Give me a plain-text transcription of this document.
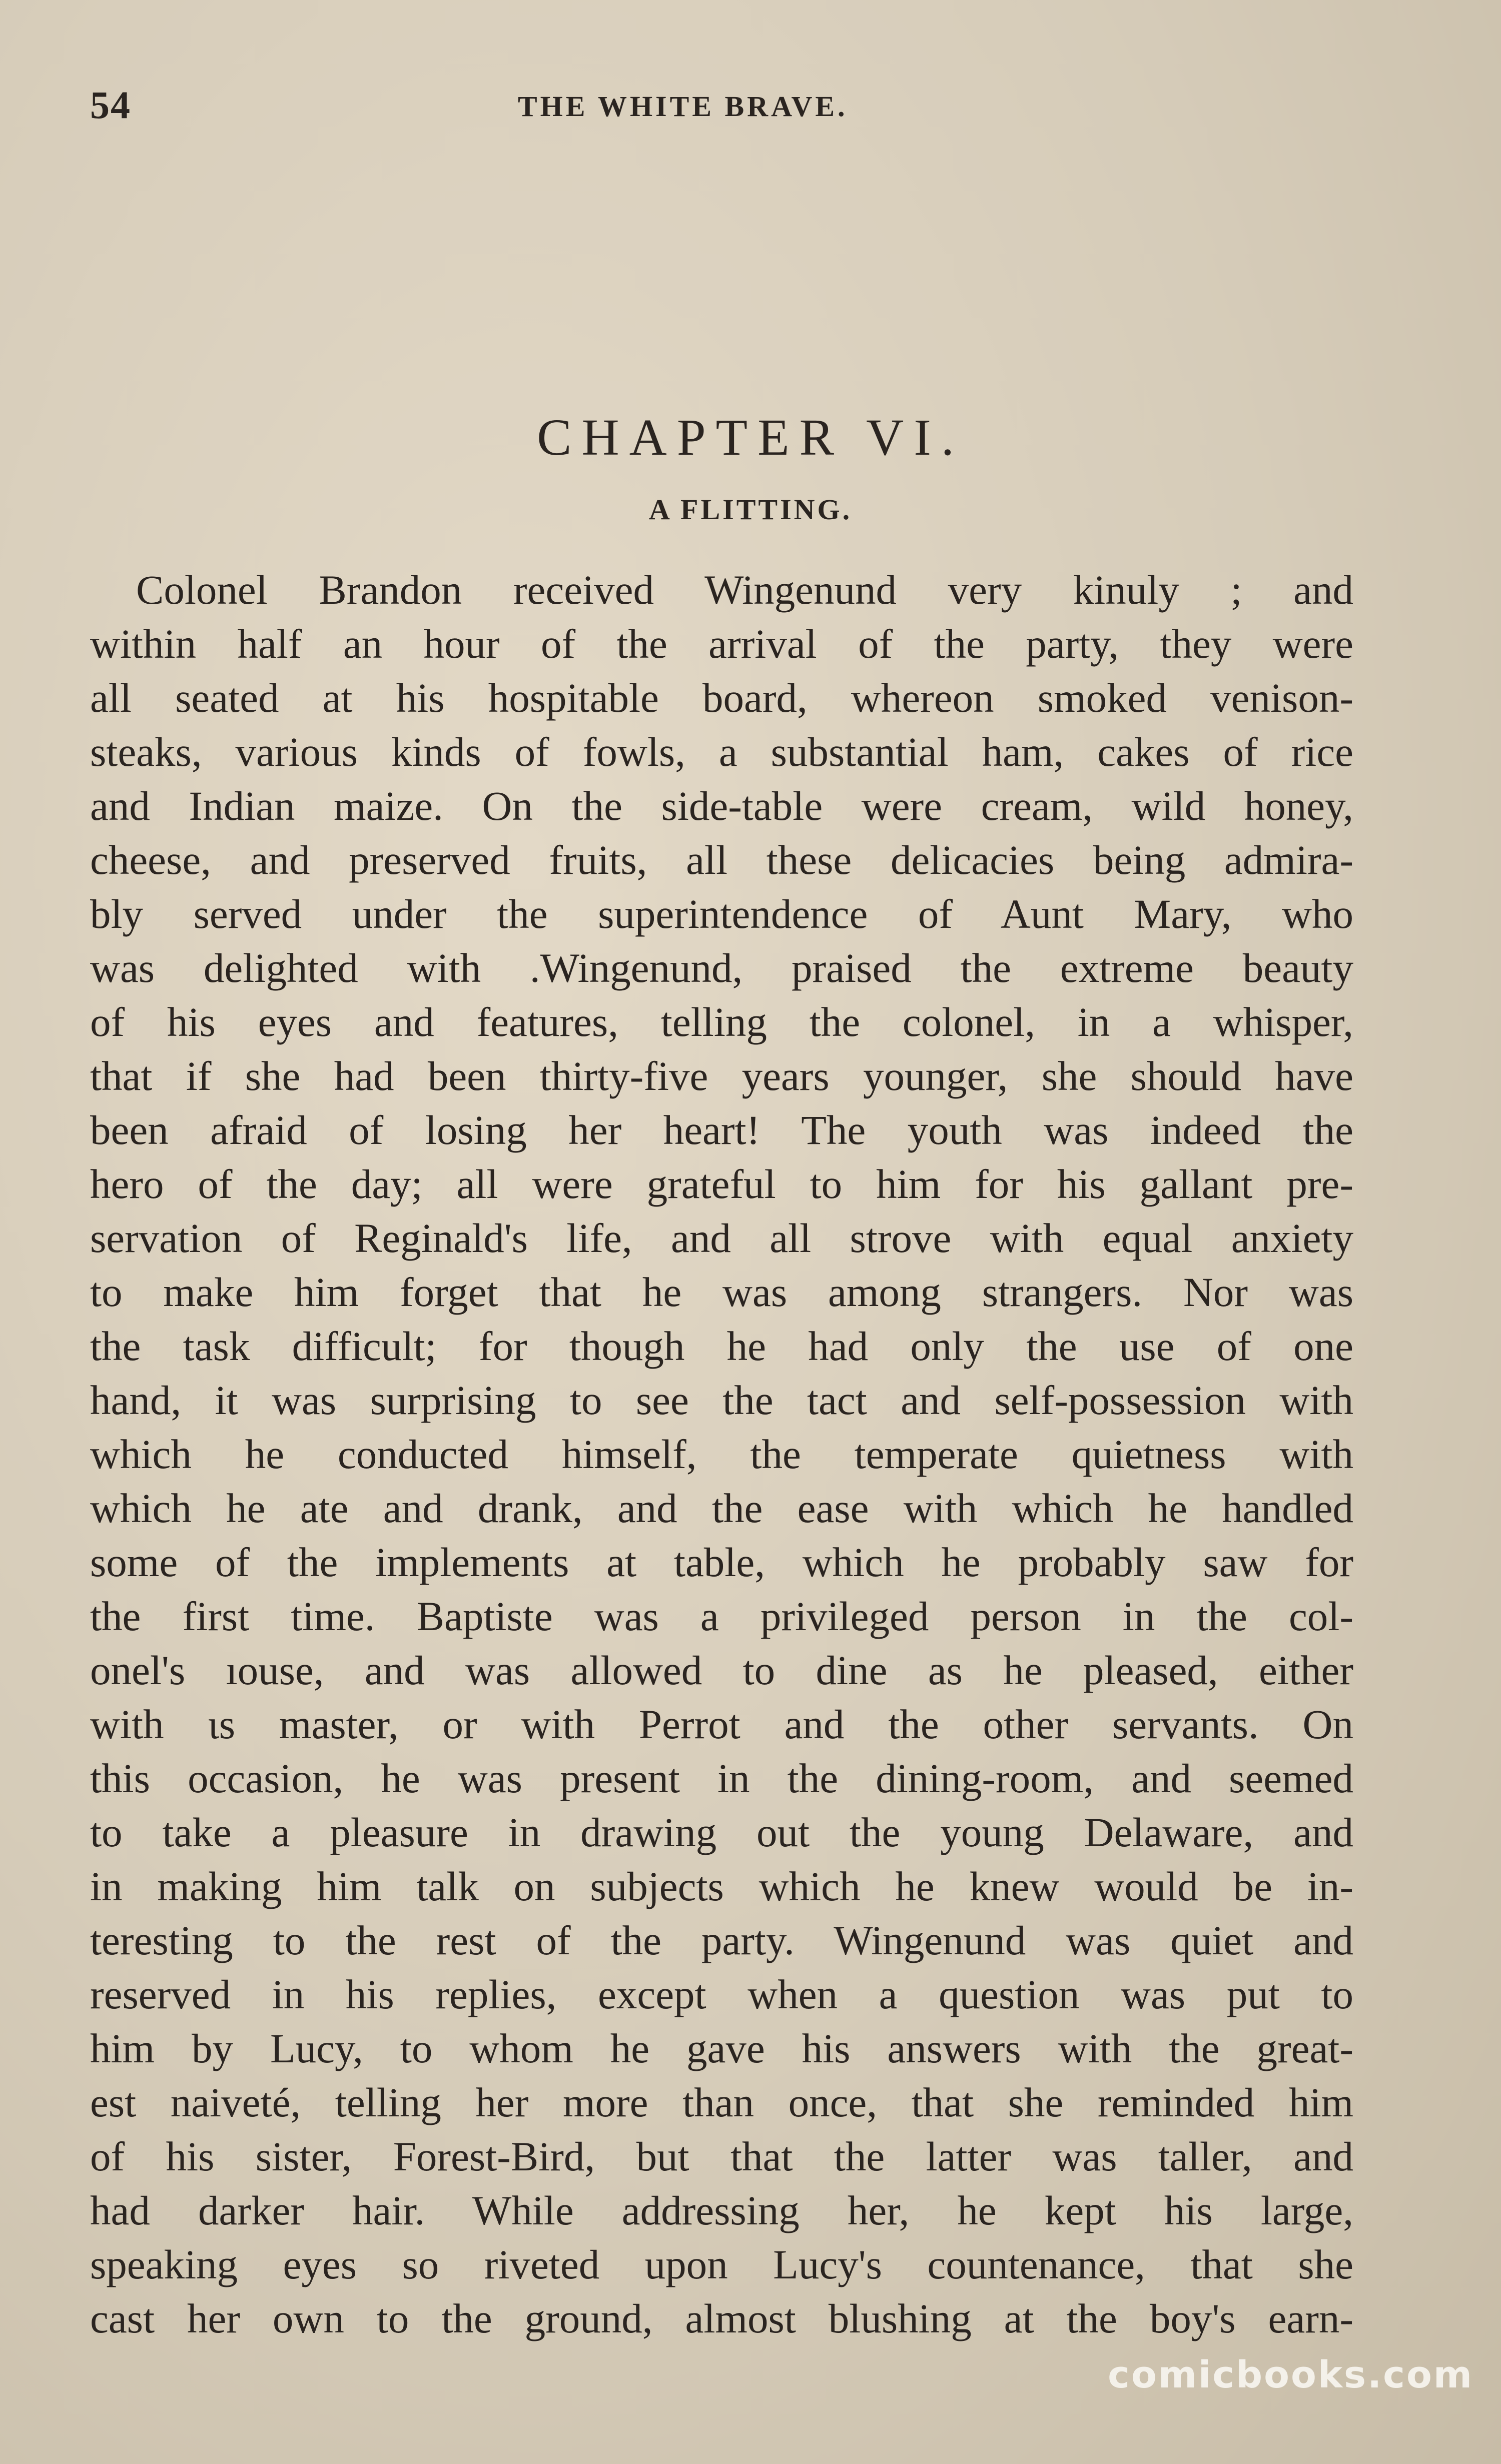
54	THE WHITE BRAVE.
CHAPTER VI.
A FLITTING.
Colonel Brandon received Wingenund very kinuly ; and
within half an hour of the arrival of the party, they were
all seated at his hospitable board, whereon smoked venison-
steaks, various kinds of fowls, a substantial ham, cakes of rice
and Indian maize. On the side-table were cream, wild honey,
cheese, and preserved fruits, all these delicacies being admira-
bly served under the superintendence of Aunt Mary, who
was delighted with .Wingenund, praised the extreme beauty
of his eyes and features, telling the colonel, in a whisper,
that if she had been thirty-five years younger, she should have
been afraid of losing her heart! The youth was indeed the
hero of the day; all were grateful to him for his gallant pre-
servation of Reginald's life, and all strove with equal anxiety
to make him forget that he was among strangers. Nor was
the task difficult; for though he had only the use of one
hand, it was surprising to see the tact and self-possession with
which he conducted himself, the temperate quietness with
which he ate and drank, and the ease with which he handled
some of the implements at table, which he probably saw for
the first time. Baptiste was a privileged person in the col-
onel's ıouse, and was allowed to dine as he pleased, either
with ιs master, or with Perrot and the other servants. On
this occasion, he was present in the dining-room, and seemed
to take a pleasure in drawing out the young Delaware, and
in making him talk on subjects which he knew would be in-
teresting to the rest of the party. Wingenund was quiet and
reserved in his replies, except when a question was put to
him by Lucy, to whom he gave his answers with the great-
est naiveté, telling her more than once, that she reminded him
of his sister, Forest-Bird, but that the latter was taller, and
had darker hair. While addressing her, he kept his large,
speaking eyes so riveted upon Lucy's countenance, that she
cast her own to the ground, almost blushing at the boy's earn-
comicbooks.com
